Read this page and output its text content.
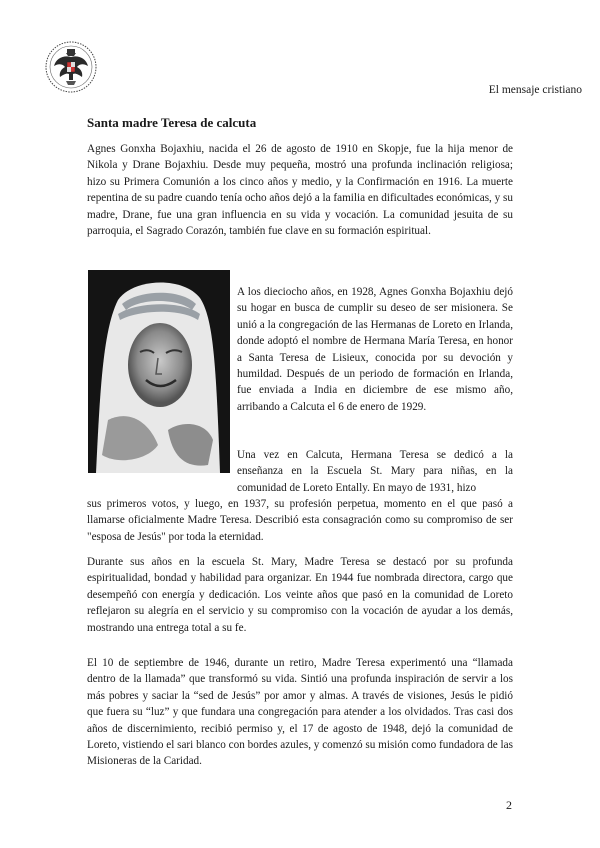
El mensaje cristiano
Santa madre Teresa de calcuta

Agnes Gonxha Bojaxhiu, nacida el 26 de agosto de 1910 en Skopje, fue la hija menor de Nikola y Drane Bojaxhiu. Desde muy pequeña, mostró una profunda inclinación religiosa; hizo su Primera Comunión a los cinco años y medio, y la Confirmación en 1916. La muerte repentina de su padre cuando tenía ocho años dejó a la familia en dificultades económicas, y su madre, Drane, fue una gran influencia en su vida y vocación. La comunidad jesuita de su parroquia, el Sagrado Corazón, también fue clave en su formación espiritual.

A los dieciocho años, en 1928, Agnes Gonxha Bojaxhiu dejó su hogar en busca de cumplir su deseo de ser misionera. Se unió a la congregación de las Hermanas de Loreto en Irlanda, donde adoptó el nombre de Hermana María Teresa, en honor a Santa Teresa de Lisieux, conocida por su devoción y humildad. Después de un periodo de formación en Irlanda, fue enviada a India en diciembre de ese mismo año, arribando a Calcuta el 6 de enero de 1929.

Una vez en Calcuta, Hermana Teresa se dedicó a la enseñanza en la Escuela St. Mary para niñas, en la comunidad de Loreto Entally. En mayo de 1931, hizo

sus primeros votos, y luego, en 1937, su profesión perpetua, momento en el que pasó a llamarse oficialmente Madre Teresa. Describió esta consagración como su compromiso de ser "esposa de Jesús" por toda la eternidad.

Durante sus años en la escuela St. Mary, Madre Teresa se destacó por su profunda espiritualidad, bondad y habilidad para organizar. En 1944 fue nombrada directora, cargo que desempeñó con energía y dedicación. Los veinte años que pasó en la comunidad de Loreto reflejaron su alegría en el servicio y su compromiso con la vocación de ayudar a los demás, mostrando una entrega total a su fe.

El 10 de septiembre de 1946, durante un retiro, Madre Teresa experimentó una “llamada dentro de la llamada” que transformó su vida. Sintió una profunda inspiración de servir a los más pobres y saciar la “sed de Jesús” por amor y almas. A través de visiones, Jesús le pidió que fuera su “luz” y que fundara una congregación para atender a los olvidados. Tras casi dos años de discernimiento, recibió permiso y, el 17 de agosto de 1948, dejó la comunidad de Loreto, vistiendo el sari blanco con bordes azules, y comenzó su misión como fundadora de las Misioneras de la Caridad.

2
